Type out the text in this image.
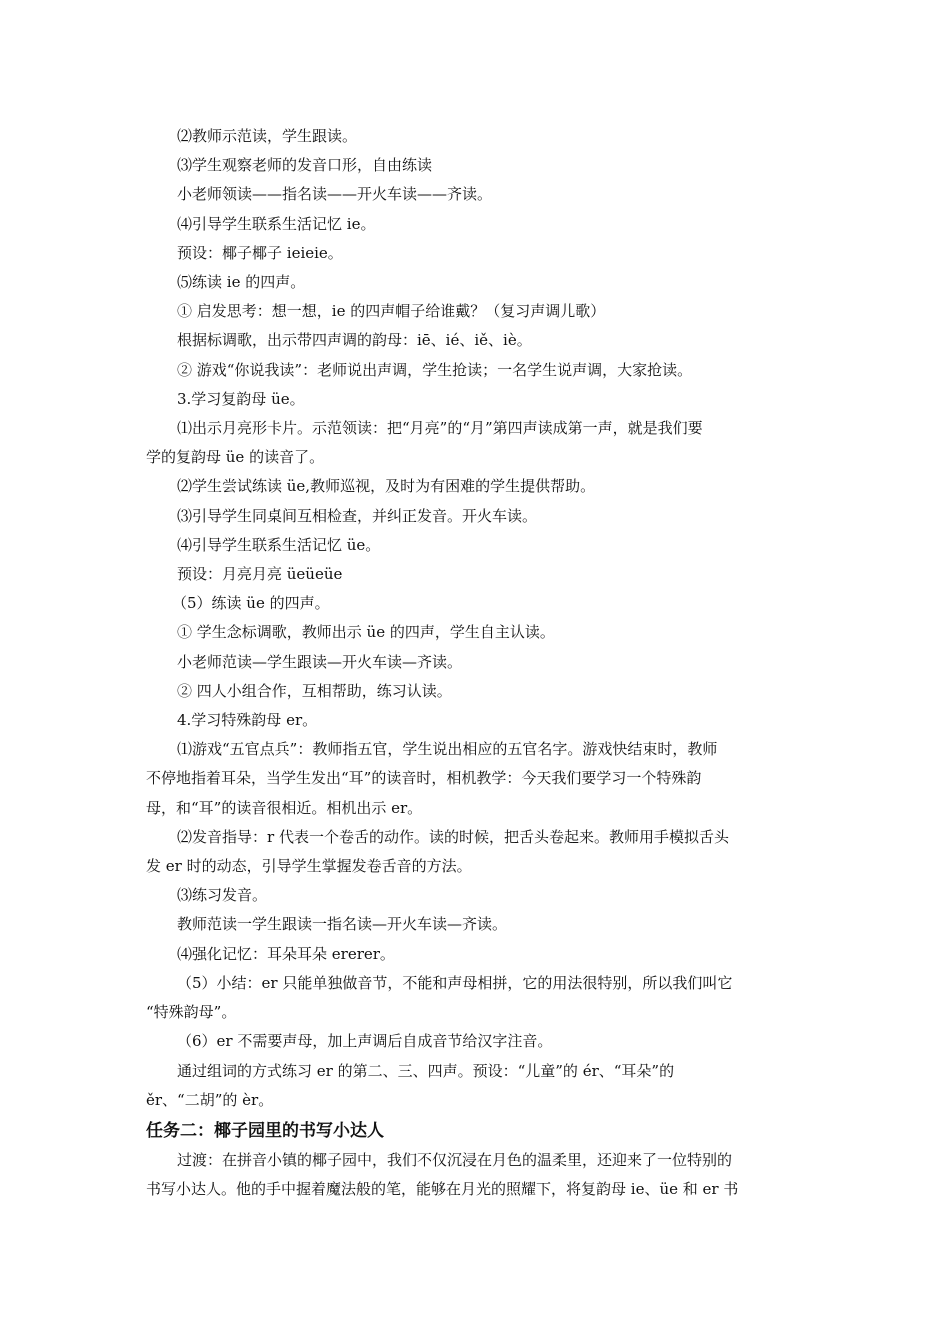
⑵教师示范读，学生跟读。
⑶学生观察老师的发音口形，自由练读
小老师领读——指名读——开火车读——齐读。
⑷引导学生联系生活记忆 ie。
预设：椰子椰子 ieieie。
⑸练读 ie 的四声。
① 启发思考：想一想，ie 的四声帽子给谁戴？（复习声调儿歌）
根据标调歌，出示带四声调的韵母：iē、ié、iě、iè。
② 游戏“你说我读”：老师说出声调，学生抢读；一名学生说声调，大家抢读。
3.学习复韵母 üe。
⑴出示月亮形卡片。示范领读：把“月亮”的“月”第四声读成第一声，就是我们要
学的复韵母 üe 的读音了。
⑵学生尝试练读 üe,教师巡视，及时为有困难的学生提供帮助。
⑶引导学生同桌间互相检查，并纠正发音。开火车读。
⑷引导学生联系生活记忆 üe。
预设：月亮月亮 üeüeüe
（5）练读 üe 的四声。
① 学生念标调歌，教师出示 üe 的四声，学生自主认读。
小老师范读—学生跟读—开火车读—齐读。
② 四人小组合作，互相帮助，练习认读。
4.学习特殊韵母 er。
⑴游戏“五官点兵”：教师指五官，学生说出相应的五官名字。游戏快结束时，教师
不停地指着耳朵，当学生发出“耳”的读音时，相机教学：今天我们要学习一个特殊韵
母，和“耳”的读音很相近。相机出示 er。
⑵发音指导：r 代表一个卷舌的动作。读的时候，把舌头卷起来。教师用手模拟舌头
发 er 时的动态，引导学生掌握发卷舌音的方法。
⑶练习发音。
教师范读一学生跟读一指名读—开火车读—齐读。
⑷强化记忆：耳朵耳朵 ererer。
（5）小结：er 只能单独做音节，不能和声母相拼，它的用法很特别，所以我们叫它
“特殊韵母”。
（6）er 不需要声母，加上声调后自成音节给汉字注音。
通过组词的方式练习 er 的第二、三、四声。预设：“儿童”的 ér、“耳朵”的
ěr、“二胡”的 èr。
任务二：椰子园里的书写小达人
过渡：在拼音小镇的椰子园中，我们不仅沉浸在月色的温柔里，还迎来了一位特别的
书写小达人。他的手中握着魔法般的笔，能够在月光的照耀下，将复韵母 ie、üe 和 er 书
